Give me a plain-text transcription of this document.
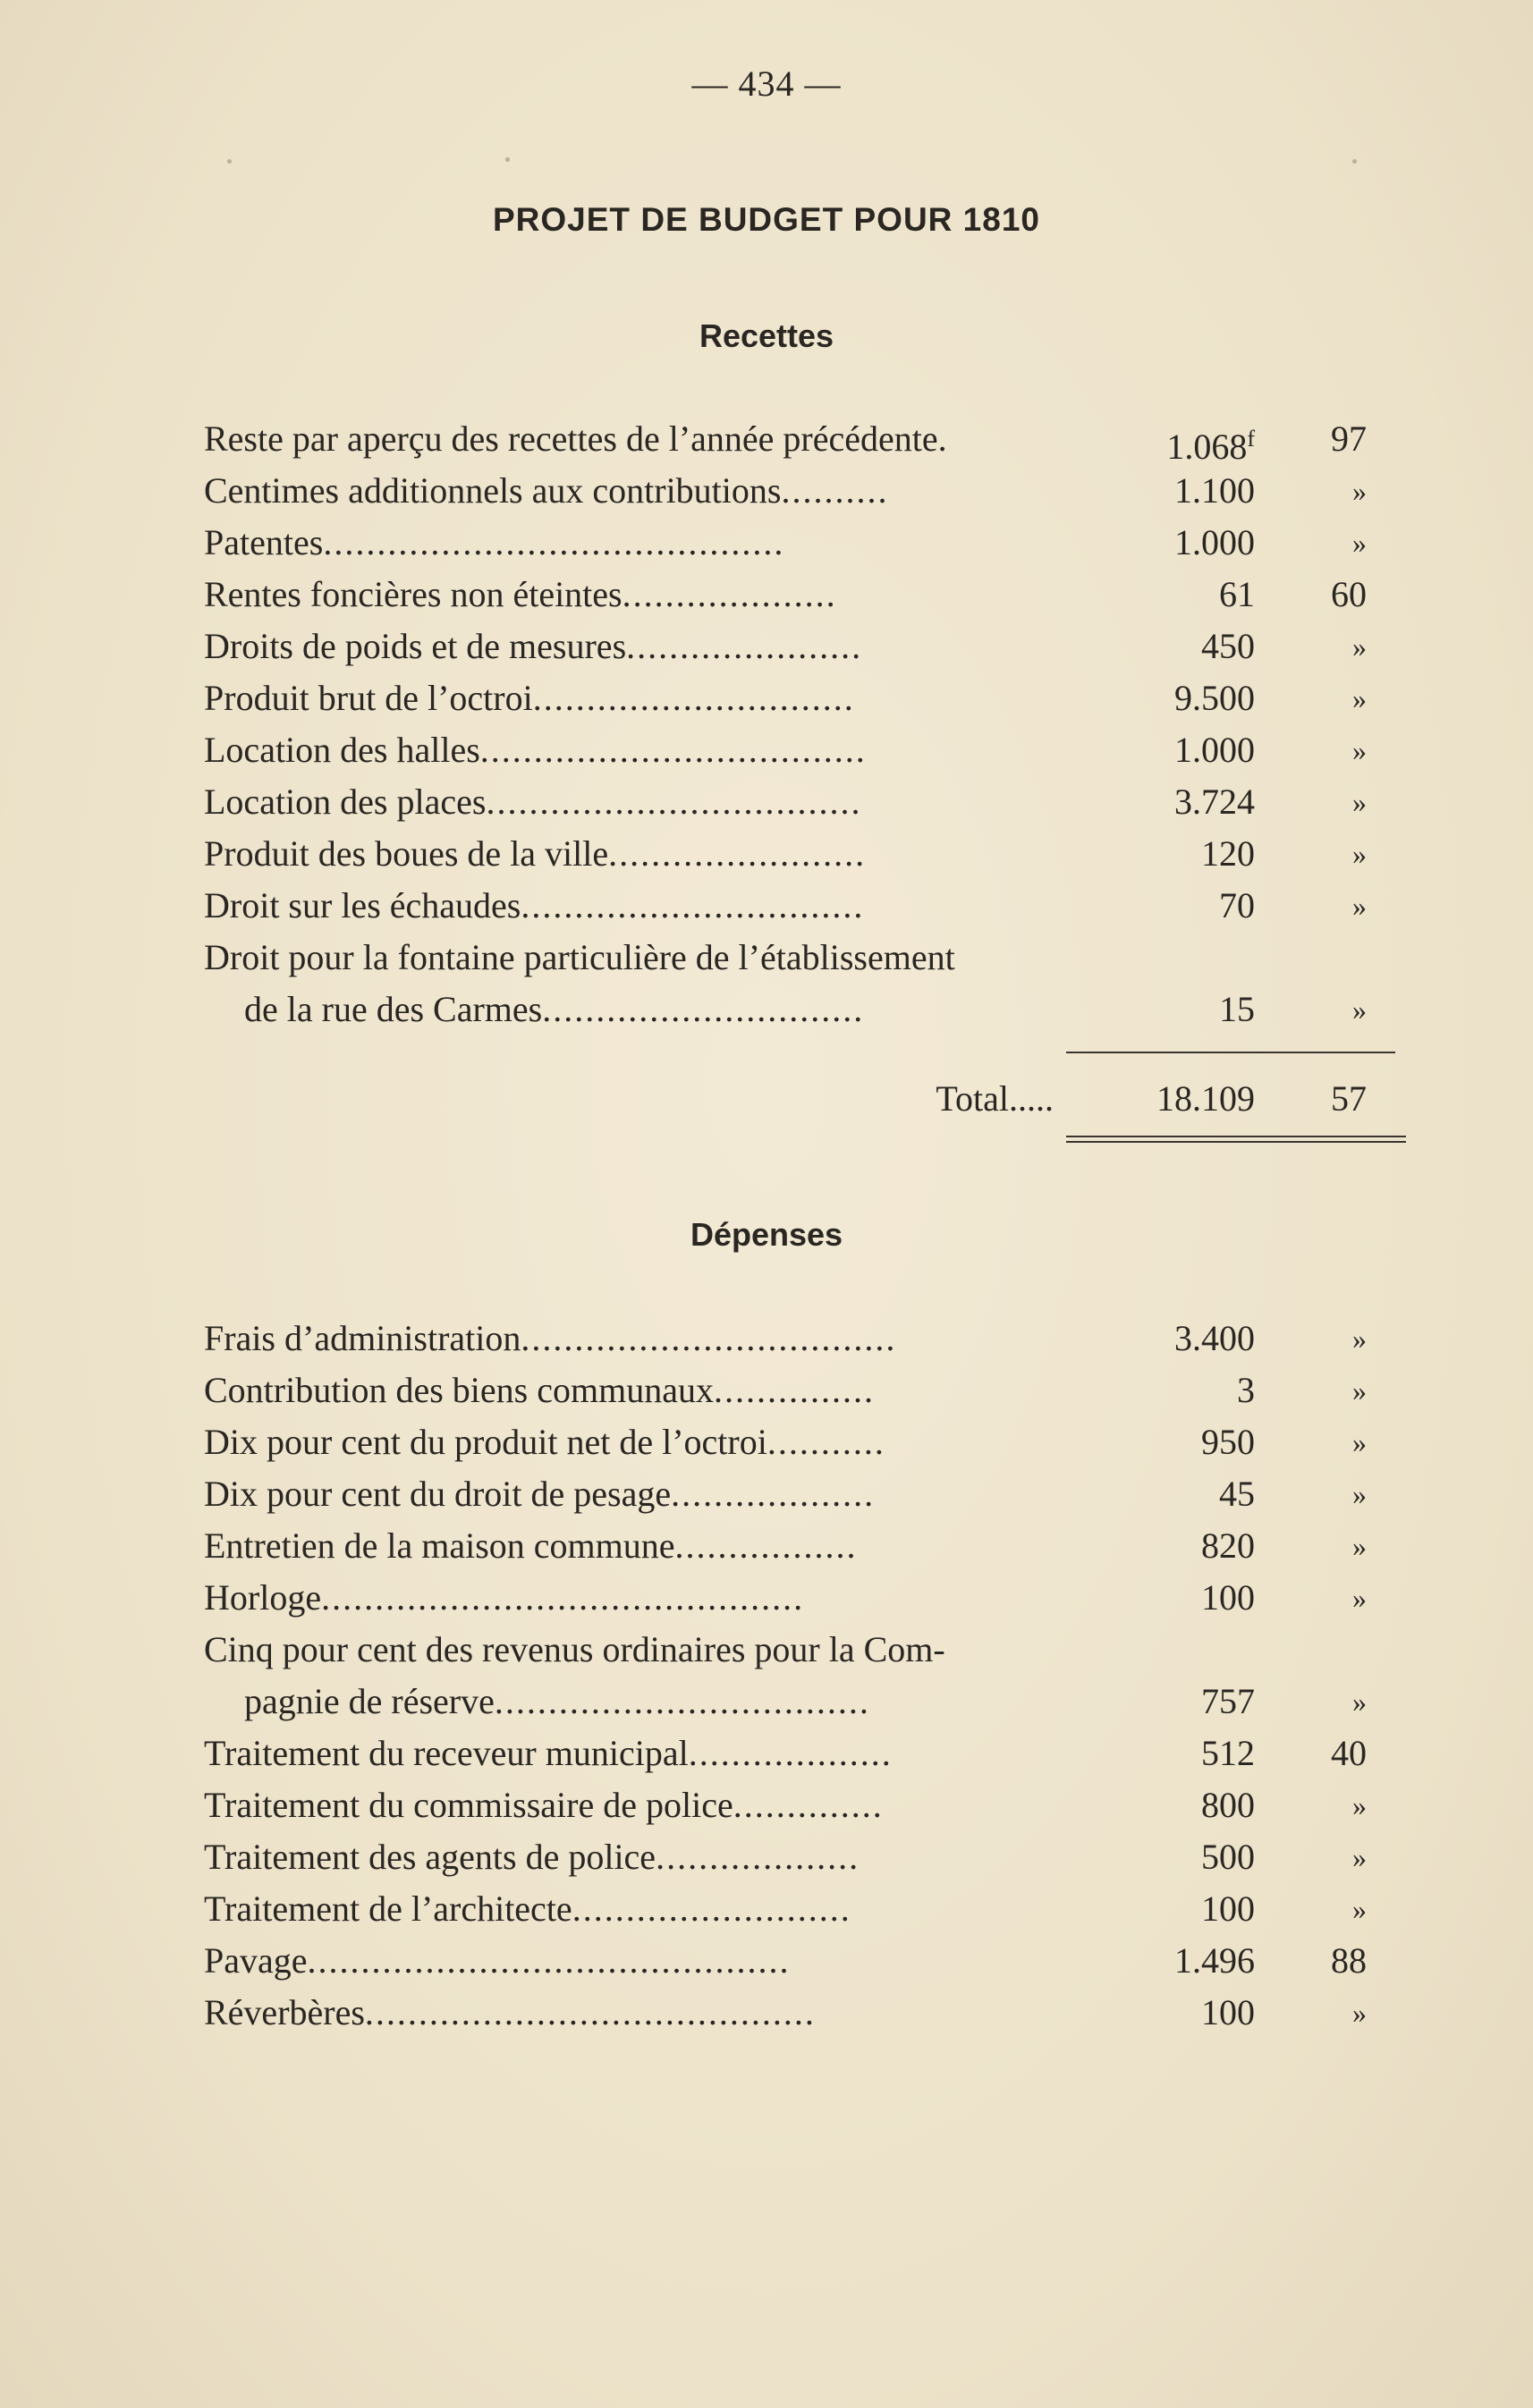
— 434 —
PROJET DE BUDGET POUR 1810
Recettes
Reste par aperçu des recettes de l’année précédente.	1.068$^f$	97
Centimes additionnels aux contributions..........	1.100	»
Patentes...........................................	1.000	»
Rentes foncières non éteintes....................	61	60
Droits de poids et de mesures......................	450	»
Produit brut de l’octroi..............................	9.500	»
Location des halles....................................	1.000	»
Location des places...................................	3.724	»
Produit des boues de la ville........................	120	»
Droit sur les échaudes................................	70	»
Droit pour la fontaine particulière de l’établissement
de la rue des Carmes..............................	15	»
Total.....	18.109	57
Dépenses
Frais d’administration...................................	3.400	»
Contribution des biens communaux...............	3	»
Dix pour cent du produit net de l’octroi...........	950	»
Dix pour cent du droit de pesage...................	45	»
Entretien de la maison commune.................	820	»
Horloge.............................................	100	»
Cinq pour cent des revenus ordinaires pour la Com-
pagnie de réserve...................................	757	»
Traitement du receveur municipal...................	512	40
Traitement du commissaire de police..............	800	»
Traitement des agents de police...................	500	»
Traitement de l’architecte..........................	100	»
Pavage.............................................	1.496	88
Réverbères..........................................	100	»
